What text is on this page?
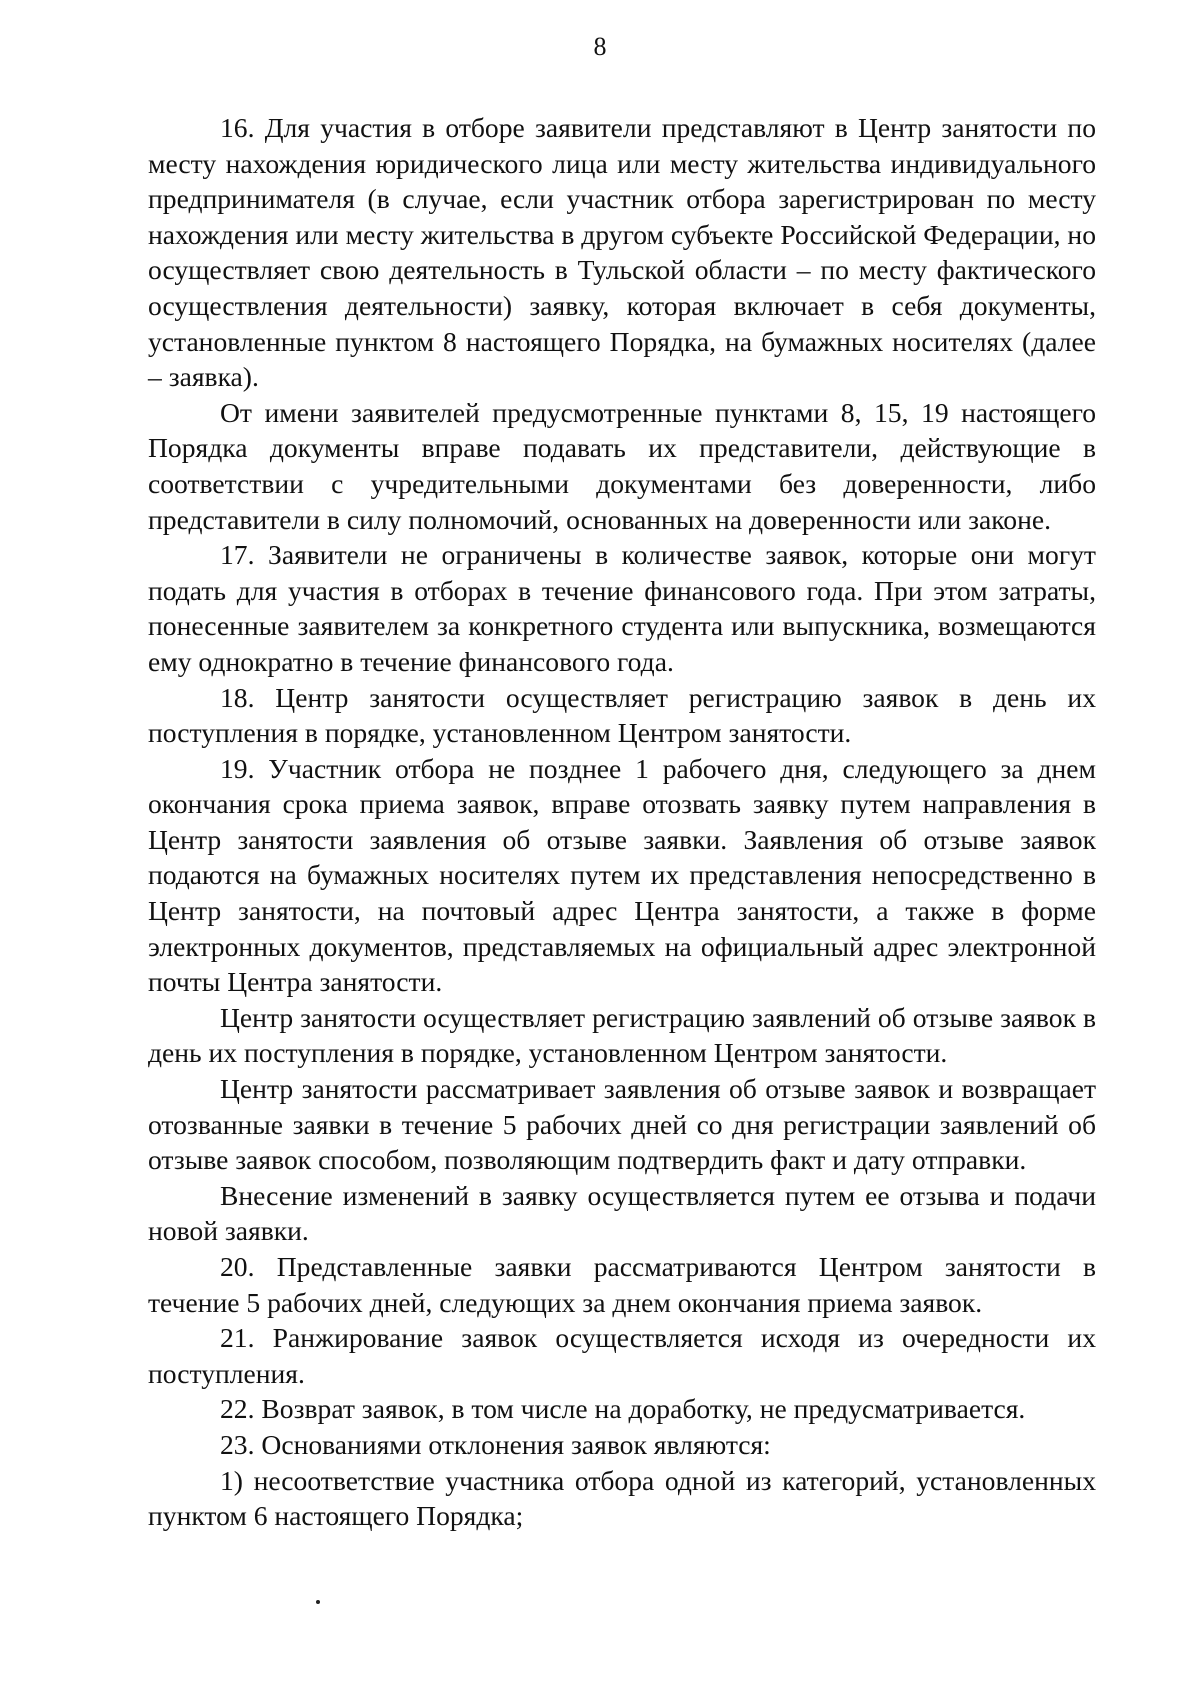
8

16. Для участия в отборе заявители представляют в Центр занятости по месту нахождения юридического лица или месту жительства индивидуального предпринимателя (в случае, если участник отбора зарегистрирован по месту нахождения или месту жительства в другом субъекте Российской Федерации, но осуществляет свою деятельность в Тульской области – по месту фактического осуществления деятельности) заявку, которая включает в себя документы, установленные пунктом 8 настоящего Порядка, на бумажных носителях (далее – заявка).

От имени заявителей предусмотренные пунктами 8, 15, 19 настоящего Порядка документы вправе подавать их представители, действующие в соответствии с учредительными документами без доверенности, либо представители в силу полномочий, основанных на доверенности или законе.

17. Заявители не ограничены в количестве заявок, которые они могут подать для участия в отборах в течение финансового года. При этом затраты, понесенные заявителем за конкретного студента или выпускника, возмещаются ему однократно в течение финансового года.

18. Центр занятости осуществляет регистрацию заявок в день их поступления в порядке, установленном Центром занятости.

19. Участник отбора не позднее 1 рабочего дня, следующего за днем окончания срока приема заявок, вправе отозвать заявку путем направления в Центр занятости заявления об отзыве заявки. Заявления об отзыве заявок подаются на бумажных носителях путем их представления непосредственно в Центр занятости, на почтовый адрес Центра занятости, а также в форме электронных документов, представляемых на официальный адрес электронной почты Центра занятости.

Центр занятости осуществляет регистрацию заявлений об отзыве заявок в день их поступления в порядке, установленном Центром занятости.

Центр занятости рассматривает заявления об отзыве заявок и возвращает отозванные заявки в течение 5 рабочих дней со дня регистрации заявлений об отзыве заявок способом, позволяющим подтвердить факт и дату отправки.

Внесение изменений в заявку осуществляется путем ее отзыва и подачи новой заявки.

20. Представленные заявки рассматриваются Центром занятости в течение 5 рабочих дней, следующих за днем окончания приема заявок.

21. Ранжирование заявок осуществляется исходя из очередности их поступления.

22. Возврат заявок, в том числе на доработку, не предусматривается.

23. Основаниями отклонения заявок являются:

1) несоответствие участника отбора одной из категорий, установленных пунктом 6 настоящего Порядка;
